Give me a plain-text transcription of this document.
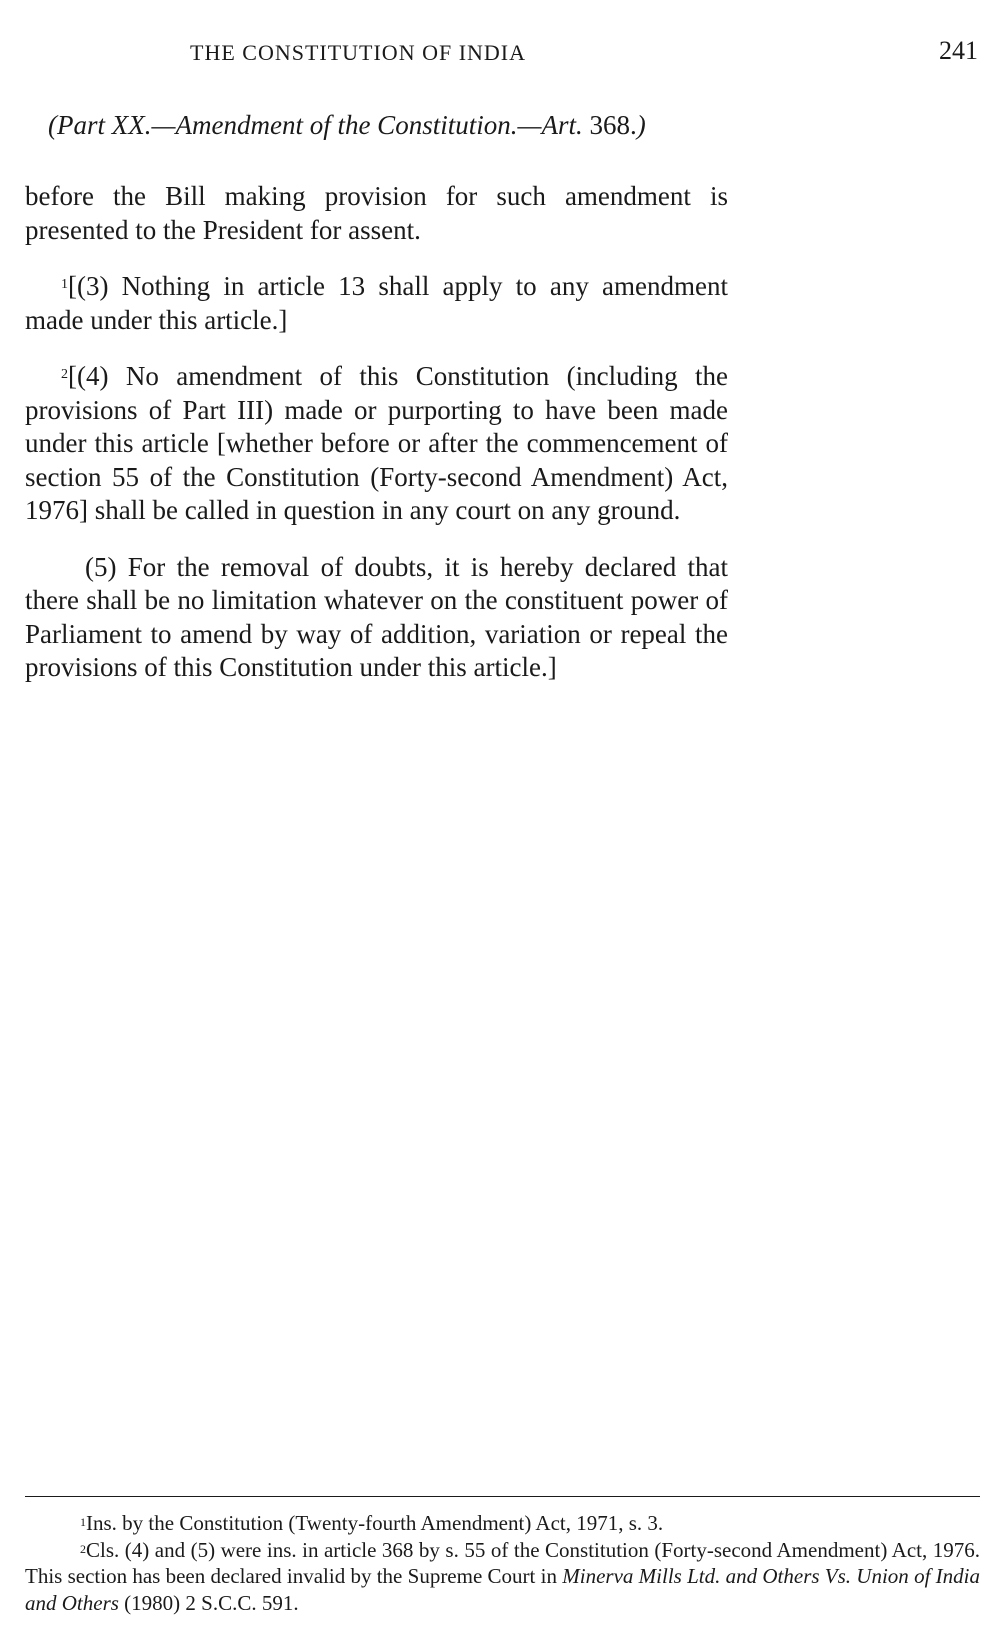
THE CONSTITUTION OF INDIA	241
(Part XX.—Amendment of the Constitution.—Art. 368.)

before the Bill making provision for such amendment is presented to the President for assent.

$^1$[(3) Nothing in article 13 shall apply to any amendment made under this article.]

$^2$[(4) No amendment of this Constitution (including the provisions of Part III) made or purporting to have been made under this article [whether before or after the commencement of section 55 of the Constitution (Forty-second Amendment) Act, 1976] shall be called in question in any court on any ground.

(5) For the removal of doubts, it is hereby declared that there shall be no limitation whatever on the constituent power of Parliament to amend by way of addition, variation or repeal the provisions of this Constitution under this article.]

$^1$Ins. by the Constitution (Twenty-fourth Amendment) Act, 1971, s. 3.

$^2$Cls. (4) and (5) were ins. in article 368 by s. 55 of the Constitution (Forty-second Amendment) Act, 1976. This section has been declared invalid by the Supreme Court in Minerva Mills Ltd. and Others Vs. Union of India and Others (1980) 2 S.C.C. 591.
